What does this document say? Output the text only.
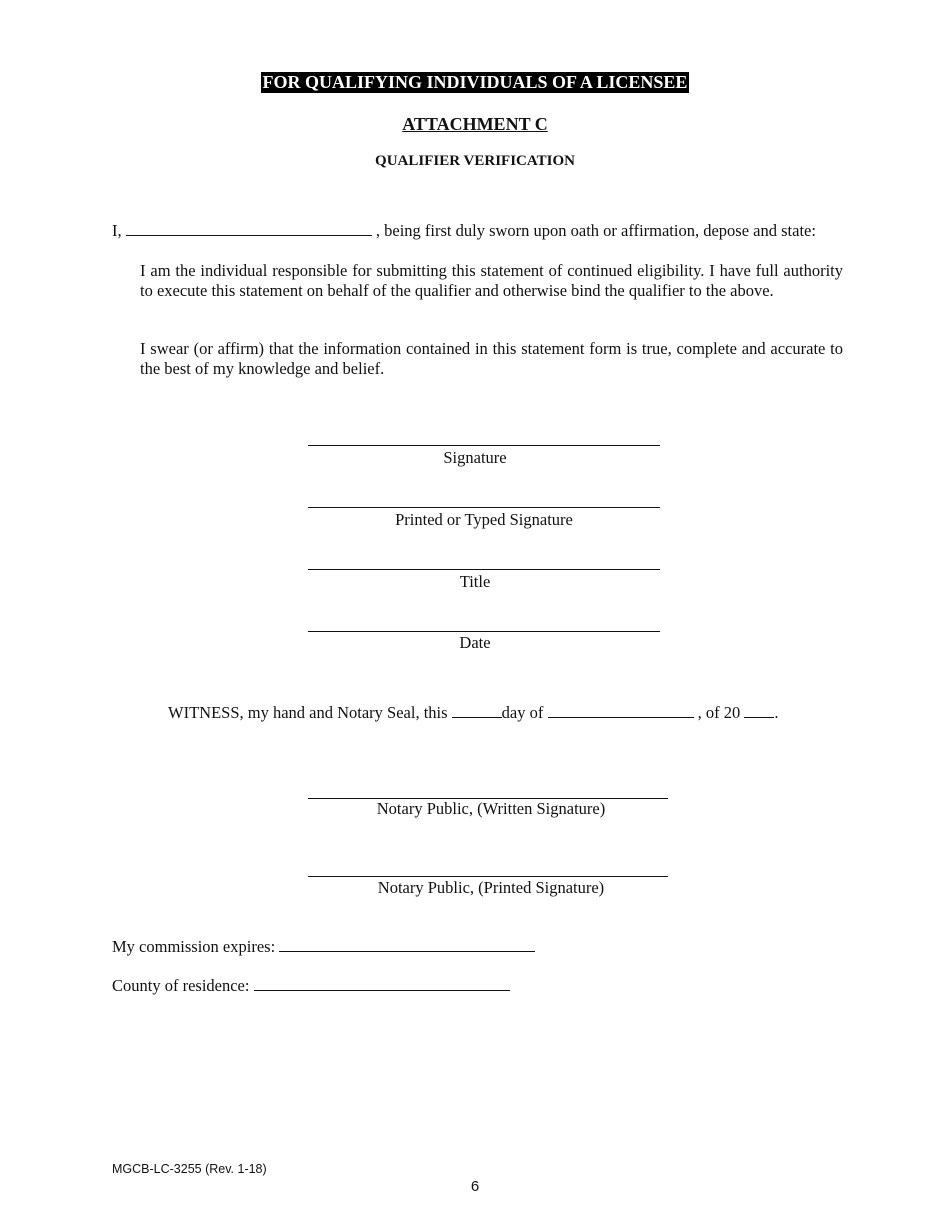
FOR QUALIFYING INDIVIDUALS OF A LICENSEE
ATTACHMENT C
QUALIFIER VERIFICATION
I,	, being first duly sworn upon oath or affirmation, depose and state:
I am the individual responsible for submitting this statement of continued eligibility. I have full authority to execute this statement on behalf of the qualifier and otherwise bind the qualifier to the above.
I swear (or affirm) that the information contained in this statement form is true, complete and accurate to the best of my knowledge and belief.
Signature
Printed or Typed Signature
Title
Date
WITNESS, my hand and Notary Seal, this	day of	, of 20 .
Notary Public, (Written Signature)
Notary Public, (Printed Signature)
My commission expires:
County of residence:
MGCB-LC-3255 (Rev. 1-18)
6
